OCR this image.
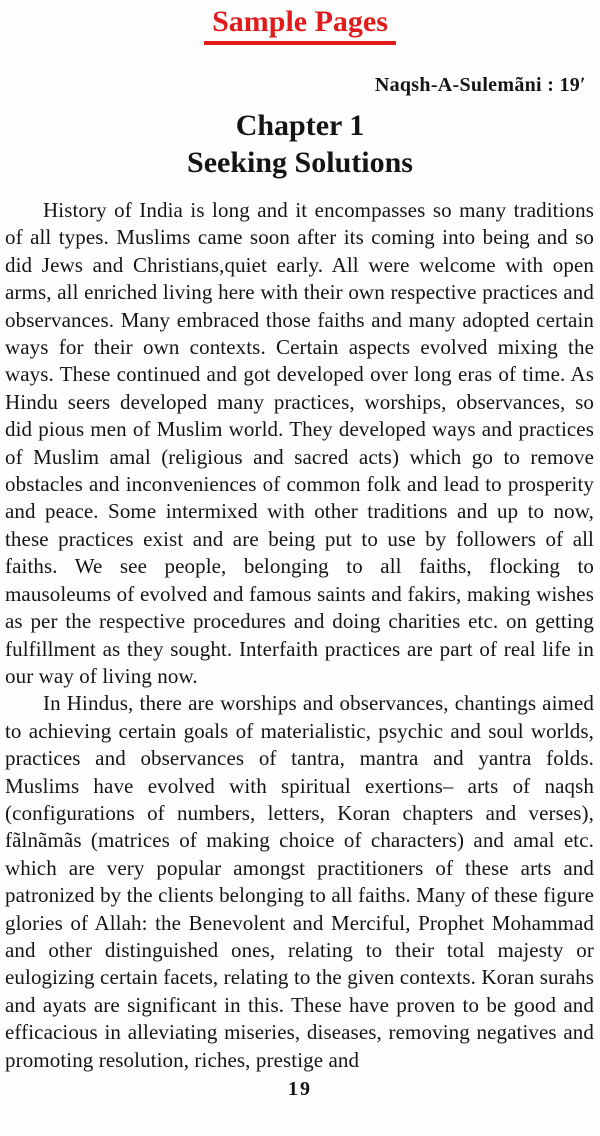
Sample Pages
Naqsh-A-Sulemãni : 19ʹ
Chapter 1
Seeking Solutions

History of India is long and it encompasses so many traditions of all types. Muslims came soon after its coming into being and so did Jews and Christians,quiet early. All were welcome with open arms, all enriched living here with their own respective practices and observances. Many embraced those faiths and many adopted certain ways for their own contexts. Certain aspects evolved mixing the ways. These continued and got developed over long eras of time. As Hindu seers developed many practices, worships, observances, so did pious men of Muslim world. They developed ways and practices of Muslim amal (religious and sacred acts) which go to remove obstacles and inconveniences of common folk and lead to prosperity and peace. Some intermixed with other traditions and up to now, these practices exist and are being put to use by followers of all faiths. We see people, belonging to all faiths, flocking to mausoleums of evolved and famous saints and fakirs, making wishes as per the respective procedures and doing charities etc. on getting fulfillment as they sought. Interfaith practices are part of real life in our way of living now.

In Hindus, there are worships and observances, chantings aimed to achieving certain goals of materialistic, psychic and soul worlds, practices and observances of tantra, mantra and yantra folds. Muslims have evolved with spiritual exertions– arts of naqsh (configurations of numbers, letters, Koran chapters and verses), fãlnãmãs (matrices of making choice of characters) and amal etc. which are very popular amongst practitioners of these arts and patronized by the clients belonging to all faiths. Many of these figure glories of Allah: the Benevolent and Merciful, Prophet Mohammad and other distinguished ones, relating to their total majesty or eulogizing certain facets, relating to the given contexts. Koran surahs and ayats are significant in this. These have proven to be good and efficacious in alleviating miseries, diseases, removing negatives and promoting resolution, riches, prestige and

19
